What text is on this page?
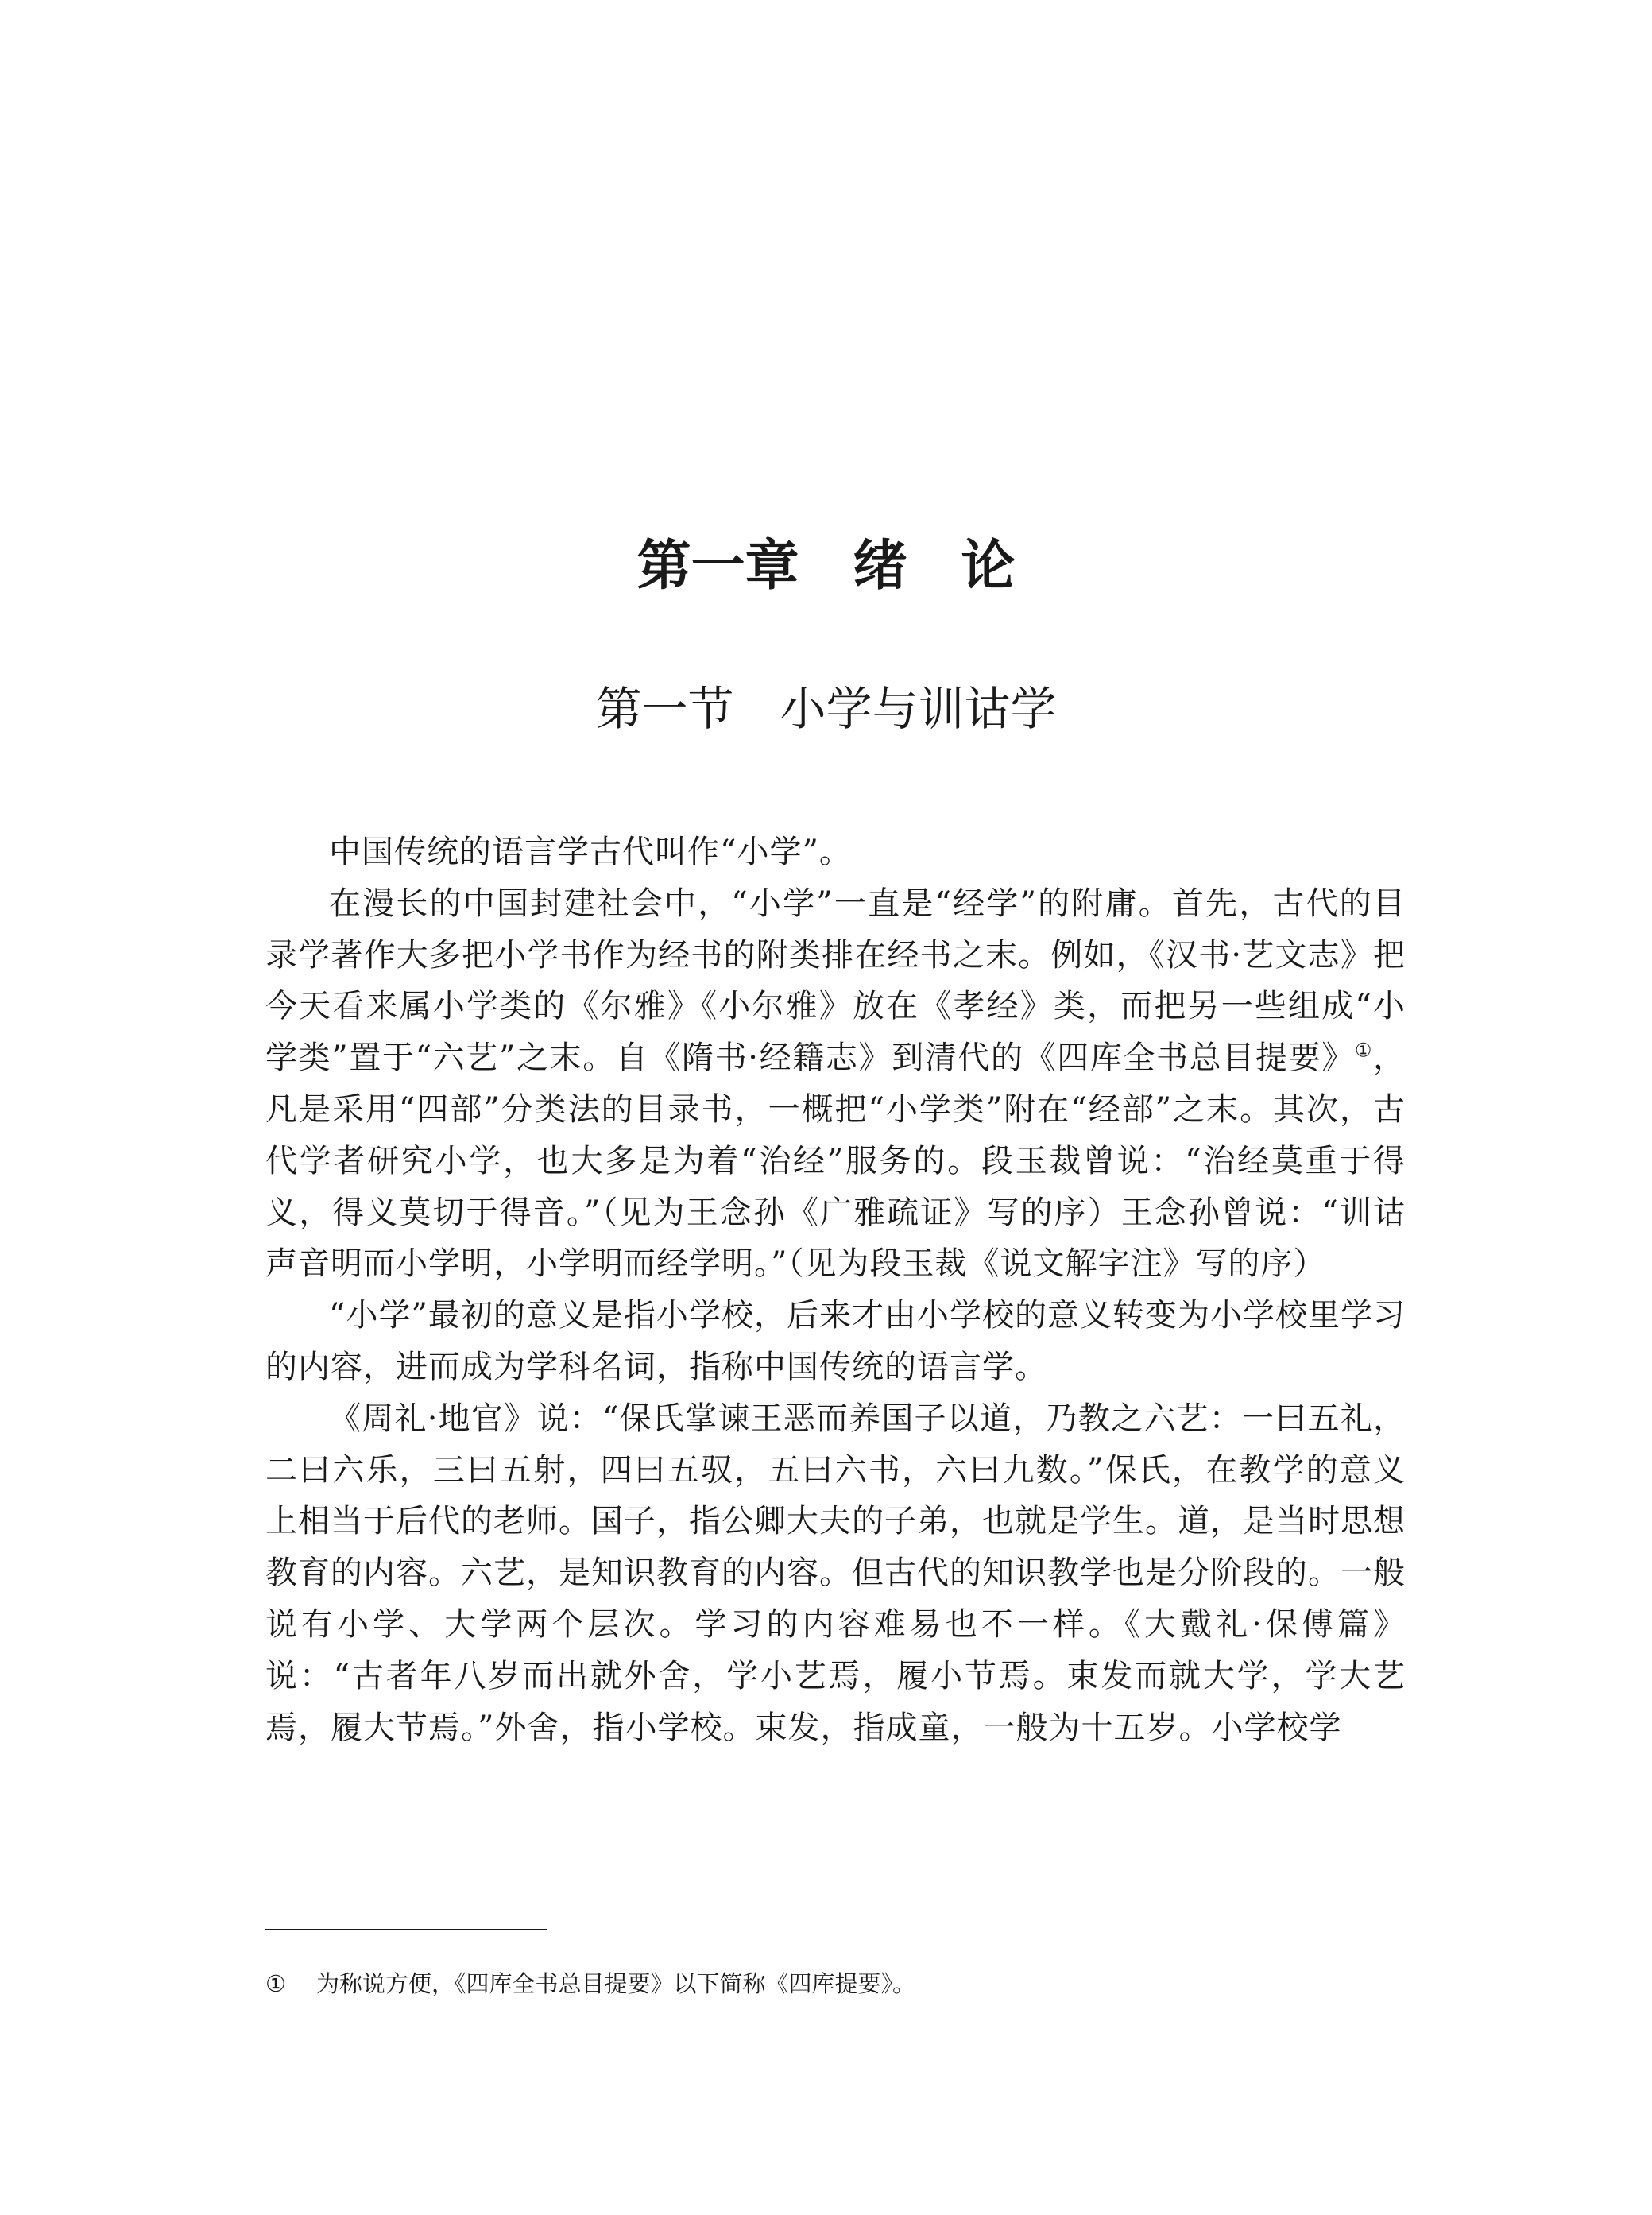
第一章　绪　论
第一节　小学与训诂学

中国传统的语言学古代叫作“小学”。

在漫长的中国封建社会中，“小学”一直是“经学”的附庸。首先，古代的目录学著作大多把小学书作为经书的附类排在经书之末。例如，《汉书·艺文志》把今天看来属小学类的《尔雅》《小尔雅》放在《孝经》类，而把另一些组成“小学类”置于“六艺”之末。自《隋书·经籍志》到清代的《四库全书总目提要》①，凡是采用“四部”分类法的目录书，一概把“小学类”附在“经部”之末。其次，古代学者研究小学，也大多是为着“治经”服务的。段玉裁曾说：“治经莫重于得义，得义莫切于得音。”（见为王念孙《广雅疏证》写的序）王念孙曾说：“训诂声音明而小学明，小学明而经学明。”（见为段玉裁《说文解字注》写的序）

“小学”最初的意义是指小学校，后来才由小学校的意义转变为小学校里学习的内容，进而成为学科名词，指称中国传统的语言学。

《周礼·地官》说：“保氏掌谏王恶而养国子以道，乃教之六艺：一曰五礼，二曰六乐，三曰五射，四曰五驭，五曰六书，六曰九数。”保氏，在教学的意义上相当于后代的老师。国子，指公卿大夫的子弟，也就是学生。道，是当时思想教育的内容。六艺，是知识教育的内容。但古代的知识教学也是分阶段的。一般说有小学、大学两个层次。学习的内容难易也不一样。《大戴礼·保傅篇》说：“古者年八岁而出就外舍，学小艺焉，履小节焉。束发而就大学，学大艺焉，履大节焉。”外舍，指小学校。束发，指成童，一般为十五岁。小学校学

① 为称说方便，《四库全书总目提要》以下简称《四库提要》。
